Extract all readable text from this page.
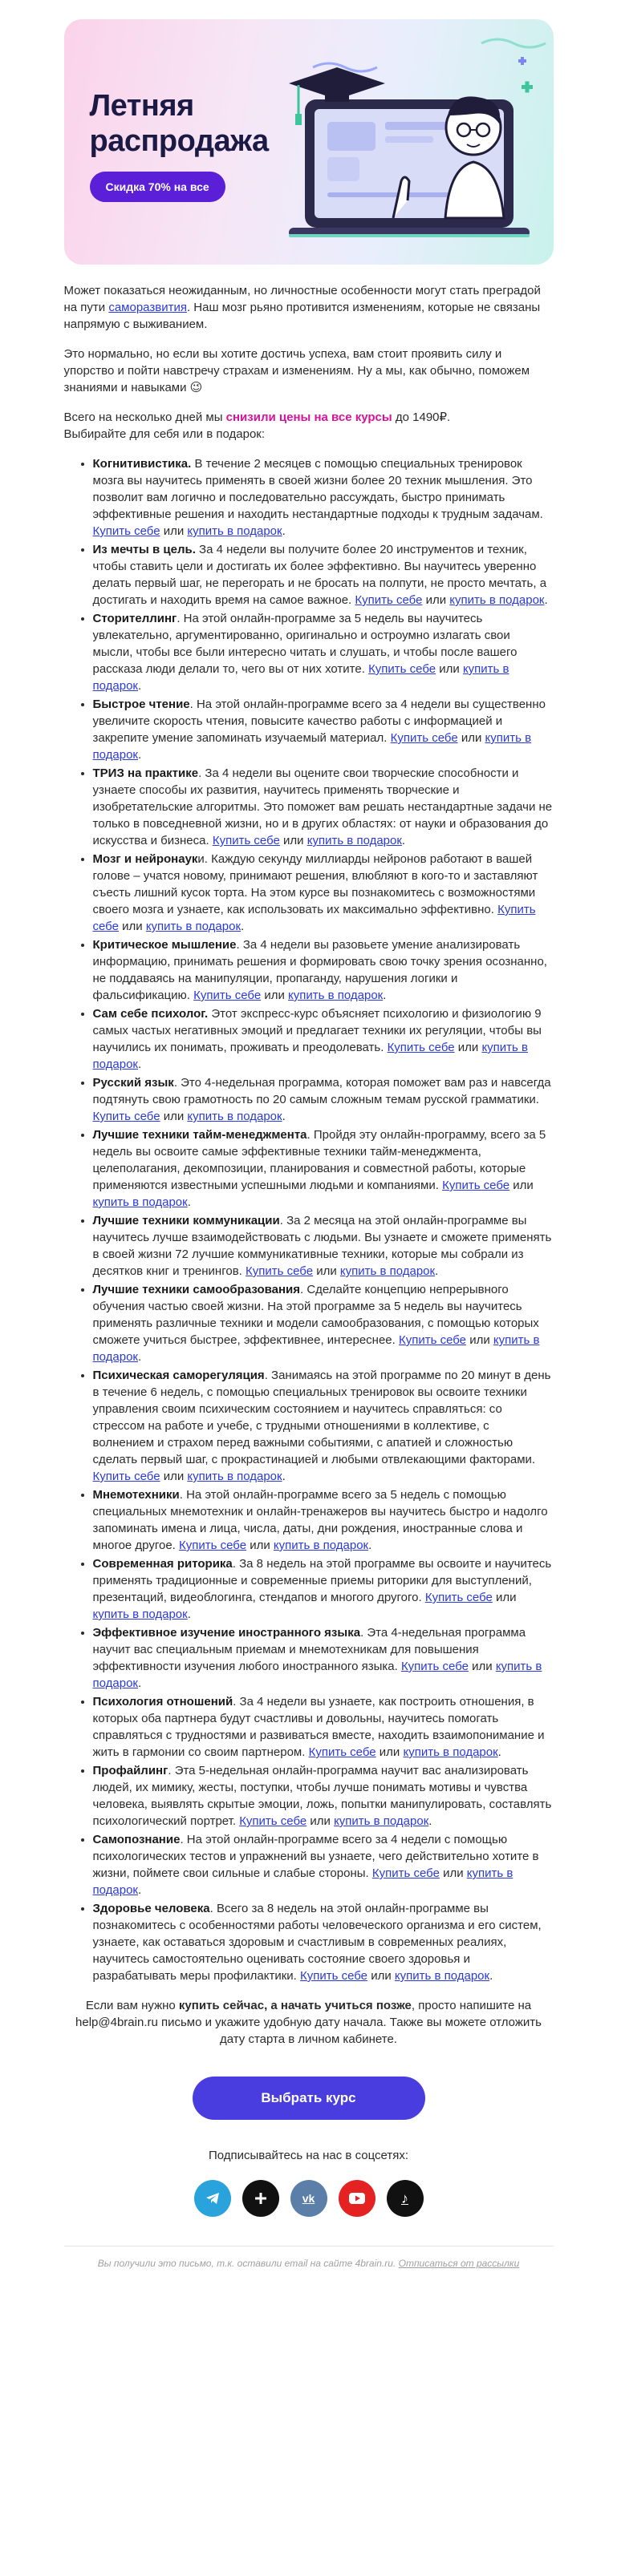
Летняя
распродажа
Скидка 70% на все

Может показаться неожиданным, но личностные особенности могут стать преградой на пути саморазвития. Наш мозг рьяно противится изменениям, которые не связаны напрямую с выживанием.

Это нормально, но если вы хотите достичь успеха, вам стоит проявить силу и упорство и пойти навстречу страхам и изменениям. Ну а мы, как обычно, поможем знаниями и навыками 😉

Всего на несколько дней мы снизили цены на все курсы до 1490₽.
Выбирайте для себя или в подарок:

• Когнитивистика. В течение 2 месяцев с помощью специальных тренировок мозга вы научитесь применять в своей жизни более 20 техник мышления. Это позволит вам логично и последовательно рассуждать, быстро принимать эффективные решения и находить нестандартные подходы к трудным задачам. Купить себе или купить в подарок.
• Из мечты в цель. За 4 недели вы получите более 20 инструментов и техник, чтобы ставить цели и достигать их более эффективно. Вы научитесь уверенно делать первый шаг, не перегорать и не бросать на полпути, не просто мечтать, а достигать и находить время на самое важное. Купить себе или купить в подарок.
• Сторителлинг. На этой онлайн-программе за 5 недель вы научитесь увлекательно, аргументированно, оригинально и остроумно излагать свои мысли, чтобы все были интересно читать и слушать, и чтобы после вашего рассказа люди делали то, чего вы от них хотите. Купить себе или купить в подарок.
• Быстрое чтение. На этой онлайн-программе всего за 4 недели вы существенно увеличите скорость чтения, повысите качество работы с информацией и закрепите умение запоминать изучаемый материал. Купить себе или купить в подарок.
• ТРИЗ на практике. За 4 недели вы оцените свои творческие способности и узнаете способы их развития, научитесь применять творческие и изобретательские алгоритмы. Это поможет вам решать нестандартные задачи не только в повседневной жизни, но и в других областях: от науки и образования до искусства и бизнеса. Купить себе или купить в подарок.
• Мозг и нейронауки. Каждую секунду миллиарды нейронов работают в вашей голове – учатся новому, принимают решения, влюбляют в кого-то и заставляют съесть лишний кусок торта. На этом курсе вы познакомитесь с возможностями своего мозга и узнаете, как использовать их максимально эффективно. Купить себе или купить в подарок.
• Критическое мышление. За 4 недели вы разовьете умение анализировать информацию, принимать решения и формировать свою точку зрения осознанно, не поддаваясь на манипуляции, пропаганду, нарушения логики и фальсификацию. Купить себе или купить в подарок.
• Сам себе психолог. Этот экспресс-курс объясняет психологию и физиологию 9 самых частых негативных эмоций и предлагает техники их регуляции, чтобы вы научились их понимать, проживать и преодолевать. Купить себе или купить в подарок.
• Русский язык. Это 4-недельная программа, которая поможет вам раз и навсегда подтянуть свою грамотность по 20 самым сложным темам русской грамматики. Купить себе или купить в подарок.
• Лучшие техники тайм-менеджмента. Пройдя эту онлайн-программу, всего за 5 недель вы освоите самые эффективные техники тайм-менеджмента, целеполагания, декомпозиции, планирования и совместной работы, которые применяются известными успешными людьми и компаниями. Купить себе или купить в подарок.
• Лучшие техники коммуникации. За 2 месяца на этой онлайн-программе вы научитесь лучше взаимодействовать с людьми. Вы узнаете и сможете применять в своей жизни 72 лучшие коммуникативные техники, которые мы собрали из десятков книг и тренингов. Купить себе или купить в подарок.
• Лучшие техники самообразования. Сделайте концепцию непрерывного обучения частью своей жизни. На этой программе за 5 недель вы научитесь применять различные техники и модели самообразования, с помощью которых сможете учиться быстрее, эффективнее, интереснее. Купить себе или купить в подарок.
• Психическая саморегуляция. Занимаясь на этой программе по 20 минут в день в течение 6 недель, с помощью специальных тренировок вы освоите техники управления своим психическим состоянием и научитесь справляться: со стрессом на работе и учебе, с трудными отношениями в коллективе, с волнением и страхом перед важными событиями, с апатией и сложностью сделать первый шаг, с прокрастинацией и любыми отвлекающими факторами. Купить себе или купить в подарок.
• Мнемотехники. На этой онлайн-программе всего за 5 недель с помощью специальных мнемотехник и онлайн-тренажеров вы научитесь быстро и надолго запоминать имена и лица, числа, даты, дни рождения, иностранные слова и многое другое. Купить себе или купить в подарок.
• Современная риторика. За 8 недель на этой программе вы освоите и научитесь применять традиционные и современные приемы риторики для выступлений, презентаций, видеоблогинга, стендапов и многого другого. Купить себе или купить в подарок.
• Эффективное изучение иностранного языка. Эта 4-недельная программа научит вас специальным приемам и мнемотехникам для повышения эффективности изучения любого иностранного языка. Купить себе или купить в подарок.
• Психология отношений. За 4 недели вы узнаете, как построить отношения, в которых оба партнера будут счастливы и довольны, научитесь помогать справляться с трудностями и развиваться вместе, находить взаимопонимание и жить в гармонии со своим партнером. Купить себе или купить в подарок.
• Профайлинг. Эта 5-недельная онлайн-программа научит вас анализировать людей, их мимику, жесты, поступки, чтобы лучше понимать мотивы и чувства человека, выявлять скрытые эмоции, ложь, попытки манипулировать, составлять психологический портрет. Купить себе или купить в подарок.
• Самопознание. На этой онлайн-программе всего за 4 недели с помощью психологических тестов и упражнений вы узнаете, чего действительно хотите в жизни, поймете свои сильные и слабые стороны. Купить себе или купить в подарок.
• Здоровье человека. Всего за 8 недель на этой онлайн-программе вы познакомитесь с особенностями работы человеческого организма и его систем, узнаете, как оставаться здоровым и счастливым в современных реалиях, научитесь самостоятельно оценивать состояние своего здоровья и разрабатывать меры профилактики. Купить себе или купить в подарок.

Если вам нужно купить сейчас, а начать учиться позже, просто напишите на help@4brain.ru письмо и укажите удобную дату начала. Также вы можете отложить дату старта в личном кабинете.

Выбрать курс
Подписывайтесь на нас в соцсетях:
vk	♪
Вы получили это письмо, т.к. оставили email на сайте 4brain.ru. Отписаться от рассылки
